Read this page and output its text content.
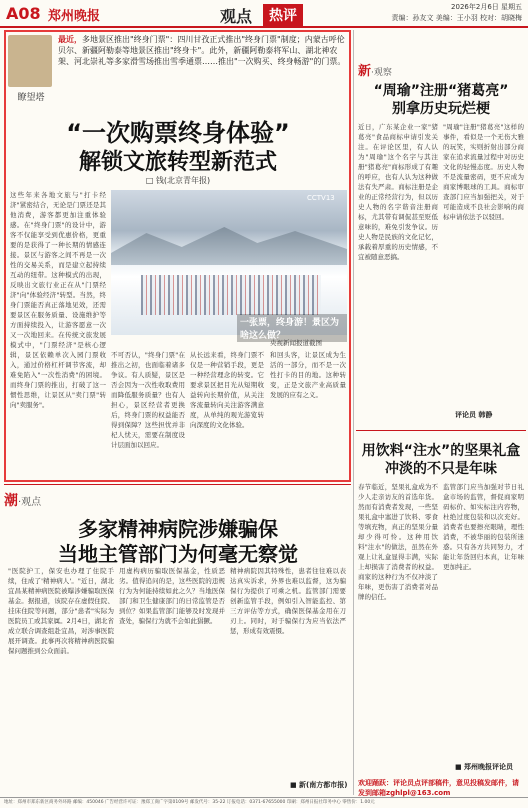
A08 郑州晚报	观点	热评
2026年2月6日 星期五
责编：孙友文 美编：王小羽 校对：胡晓梅
瞭望塔
最近，多地景区推出"终身门票"：四川甘孜正式推出"终身门票"制度；内蒙古呼伦贝尔、新疆阿勒泰等地景区推出"终身卡"。此外，新疆阿勒泰将军山、湖北神农架、河北崇礼等多家滑雪场推出雪季通票……推出"一次购买、终身畅游"的门票。
“一次购票终身体验”
解锁文旅转型新范式
□ 钱(北京青年报)
这些年来各地文旅与"打卡经济"紧密结合，无论是门票还是其他消费，游客都更加注重体验感。在"终身门票"的设计中，游客不仅能享受到优惠价格，更重要的是获得了一种长期的情感连接。景区与游客之间不再是一次性的交易关系，而是建立起持续互动的纽带。这种模式的出现，反映出文旅行业正在从"门票经济"向"体验经济"转型。当然，终身门票能否真正落地见效，还需要景区在服务质量、设施维护等方面持续投入，让游客愿意一次又一次地回来。在传统文旅发展模式中，"门票经济"是核心逻辑，景区依赖单次入园门票收入，通过价格杠杆调节客流，却难免陷入"一次性消费"的困境。而终身门票的推出，打破了这一惯性思维，让景区从"卖门票"转向"卖服务"。
CCTV13
一张票，终身游！景区为啥这么做？
央视新闻报道截图
不可否认，"终身门票"在推出之初，也面临着诸多争议。有人质疑，景区是否会因为一次性收取费用而降低服务质量？也有人担心，景区经营者更换后，终身门票的权益能否得到保障？这些担忧并非杞人忧天，需要在制度设计层面加以回应。
从长远来看，终身门票不仅是一种营销手段，更是一种经营理念的转变。它要求景区把目光从短期收益转向长期价值，从关注客流量转向关注游客满意度，从单纯的观光游览转向深度的文化体验。
和回头客，让景区成为生活的一部分，而不是一次性打卡的目的地。这种转变，正是文旅产业高质量发展的应有之义。
潮·观点
多家精神病院涉嫌骗保
当地主管部门为何毫无察觉
"医院护工，保安也办理了住院手续，住成了'精神病人'。"近日，湖北宜昌某精神病医院被曝涉嫌骗取医保基金。据报道，该院存在虚假住院、挂床住院等问题，部分"患者"实际为医院员工或其家属。2月4日，湖北省成立联合调查组赴宜昌，对涉事医院展开调查。此事再次将精神病医院骗保问题推到公众面前。
用虚构病历骗取医保基金，性质恶劣。值得追问的是，这些医院的违规行为为何能持续如此之久？当地医保部门和卫生健康部门的日常监管是否到位？如果监管部门能够及时发现并查处，骗保行为就不会如此猖獗。
精神病院因其特殊性，患者往往难以表达真实诉求，外界也难以监督，这为骗保行为提供了可乘之机。监管部门需要创新监管手段，例如引入智能监控、第三方评估等方式，确保医保基金用在刀刃上。同时，对于骗保行为应当依法严惩，形成有效震慑。
■ 新(南方都市报)
新·观察
“周瑜”注册“猪葛亮”
别拿历史玩烂梗
近日，广东某企业一家"猪葛亮"食品商标申请引发关注。在评论区里，有人认为"周瑜"这个名字与其注册"猪葛亮"商标形成了有趣的呼应，也有人认为这种做法有失严肃。商标注册是企业的正常经营行为，但以历史人物的名字谐音注册商标，尤其带有调侃甚至贬低意味的，难免引发争议。历史人物是民族的文化记忆，承载着厚重的历史情感，不宜被随意恶搞。
"周瑜"注册"猪葛亮"这样的事件，看似是一个无伤大雅的玩笑，实则折射出部分商家在追求流量过程中对历史文化的轻慢态度。历史人物不是流量密码，更不应成为商家博眼球的工具。商标审查部门应当加强把关，对于可能造成不良社会影响的商标申请依法予以驳回。
评论员 韩静
用饮料“注水”的坚果礼盒
冲淡的不只是年味
春节临近，坚果礼盒成为不少人走亲访友的首选年货。然而有消费者发现，一些坚果礼盒中塞进了饮料、零食等填充物，真正的坚果分量却少得可怜。这种用饮料"注水"的做法，虽然在外观上让礼盒显得丰满，实际上却损害了消费者的权益。商家的这种行为不仅冲淡了年味，更伤害了消费者对品牌的信任。
监管部门应当加强对节日礼盒市场的监管，督促商家明码标价、如实标注内容物，杜绝过度包装和以次充好。消费者也要擦亮眼睛，理性消费，不被华丽的包装所迷惑。只有各方共同努力，才能让年货回归本真，让年味更加纯正。
■ 郑州晚报评论员
欢迎踊跃：评论员点评部稿件，意见投稿发邮件，请发到邮箱zghlpl@163.com
地址：郑州市郑东新区商务外环路 邮编：450046 广告经营许可证：豫郑工商广字第0109号 邮发代号：35-22 订报电话：0371-67655000 印刷：郑州日报社印务中心 零售价：1.00元
